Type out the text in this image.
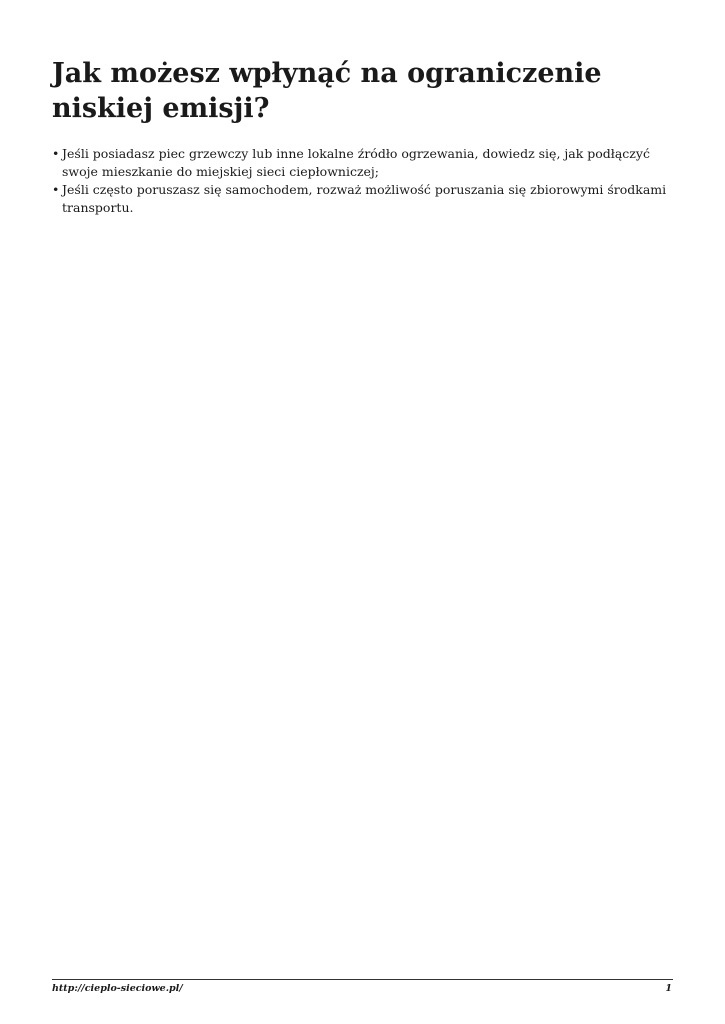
Jak możesz wpłynąć na ograniczenie niskiej emisji?
• Jeśli posiadasz piec grzewczy lub inne lokalne źródło ogrzewania, dowiedz się, jak podłączyć swoje mieszkanie do miejskiej sieci ciepłowniczej;
• Jeśli często poruszasz się samochodem, rozważ możliwość poruszania się zbiorowymi środkami transportu.
http://cieplo-sieciowe.pl/	1
